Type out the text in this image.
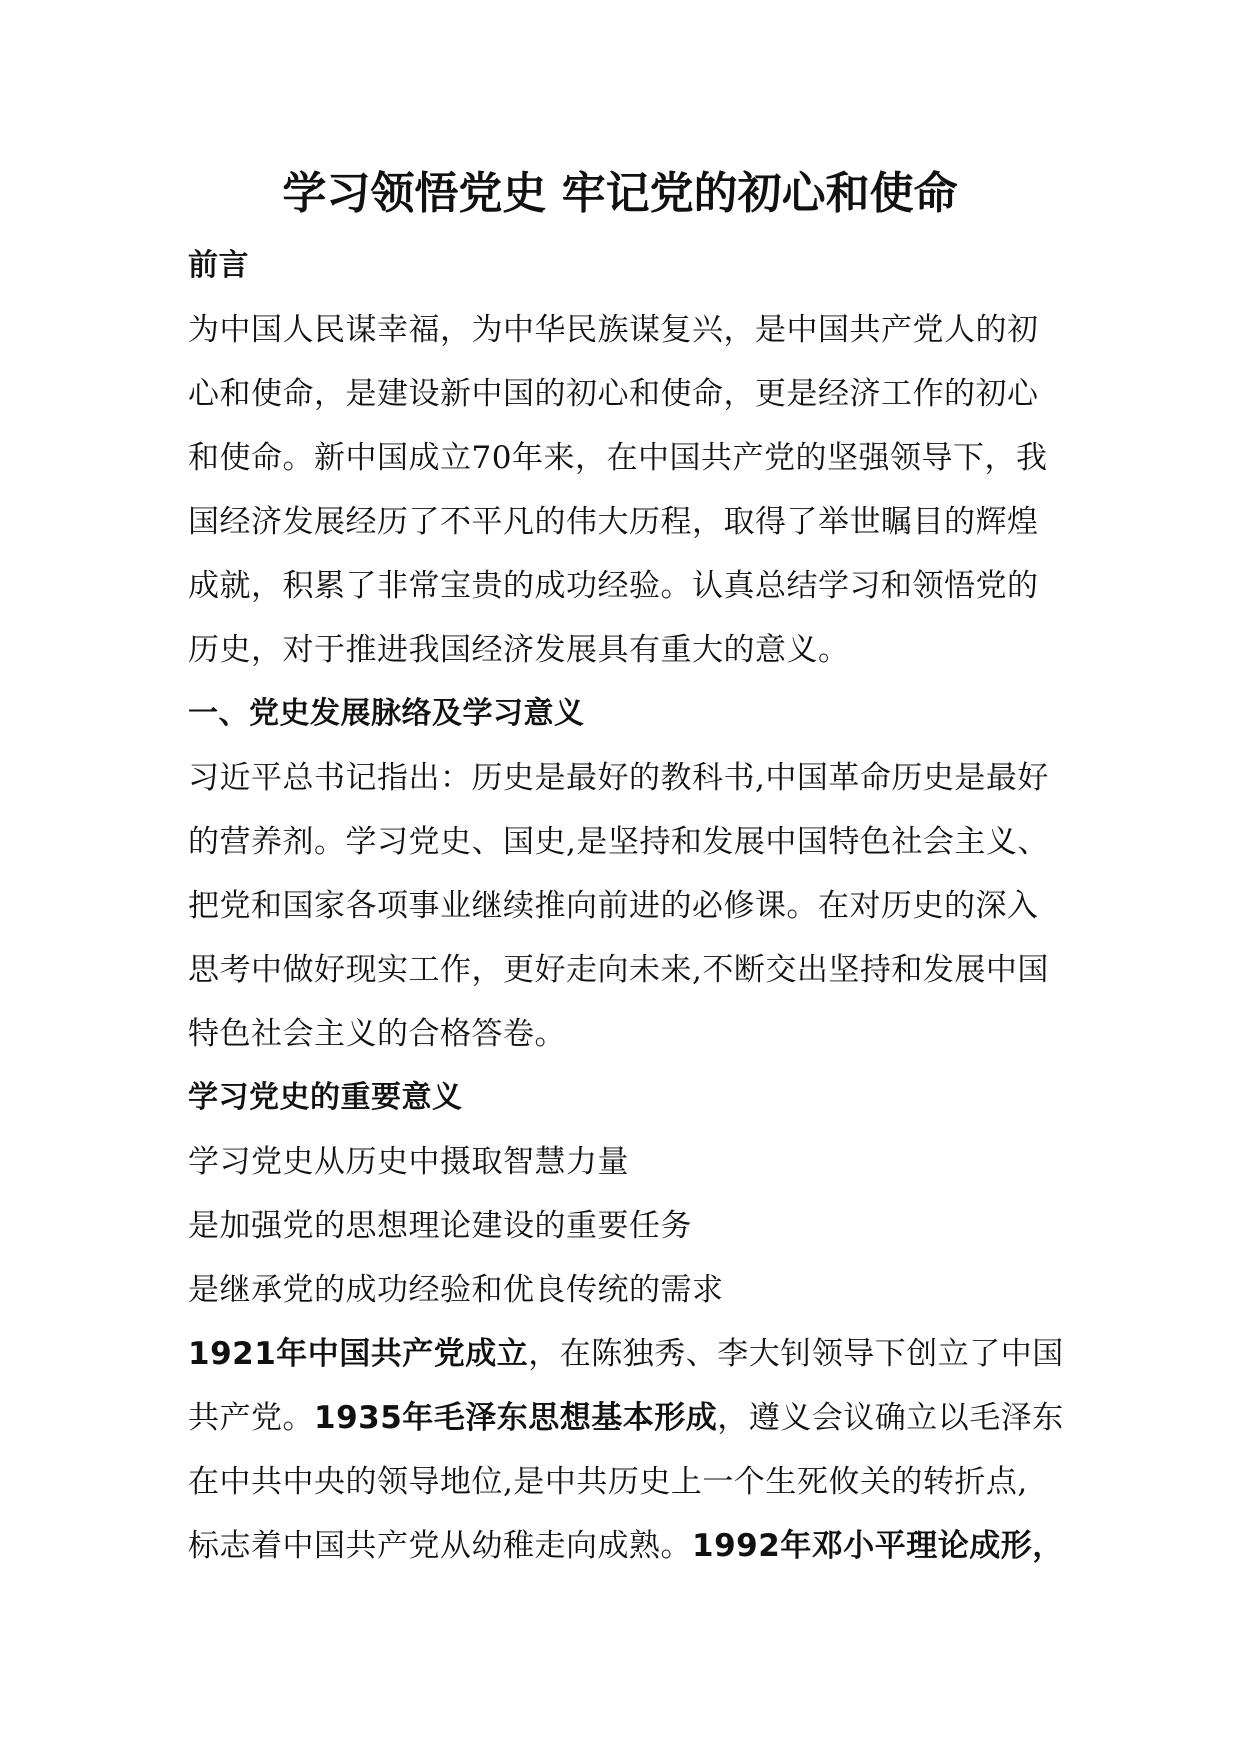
学习领悟党史 牢记党的初心和使命
前言
为中国人民谋幸福，为中华民族谋复兴，是中国共产党人的初
心和使命，是建设新中国的初心和使命，更是经济工作的初心
和使命。新中国成立70年来，在中国共产党的坚强领导下，我
国经济发展经历了不平凡的伟大历程，取得了举世瞩目的辉煌
成就，积累了非常宝贵的成功经验。认真总结学习和领悟党的
历史，对于推进我国经济发展具有重大的意义。
一、党史发展脉络及学习意义
习近平总书记指出：历史是最好的教科书,中国革命历史是最好
的营养剂。学习党史、国史,是坚持和发展中国特色社会主义、
把党和国家各项事业继续推向前进的必修课。在对历史的深入
思考中做好现实工作，更好走向未来,不断交出坚持和发展中国
特色社会主义的合格答卷。
学习党史的重要意义
学习党史从历史中摄取智慧力量
是加强党的思想理论建设的重要任务
是继承党的成功经验和优良传统的需求
1921年中国共产党成立，在陈独秀、李大钊领导下创立了中国
共产党。1935年毛泽东思想基本形成，遵义会议确立以毛泽东
在中共中央的领导地位,是中共历史上一个生死攸关的转折点,
标志着中国共产党从幼稚走向成熟。1992年邓小平理论成形，
